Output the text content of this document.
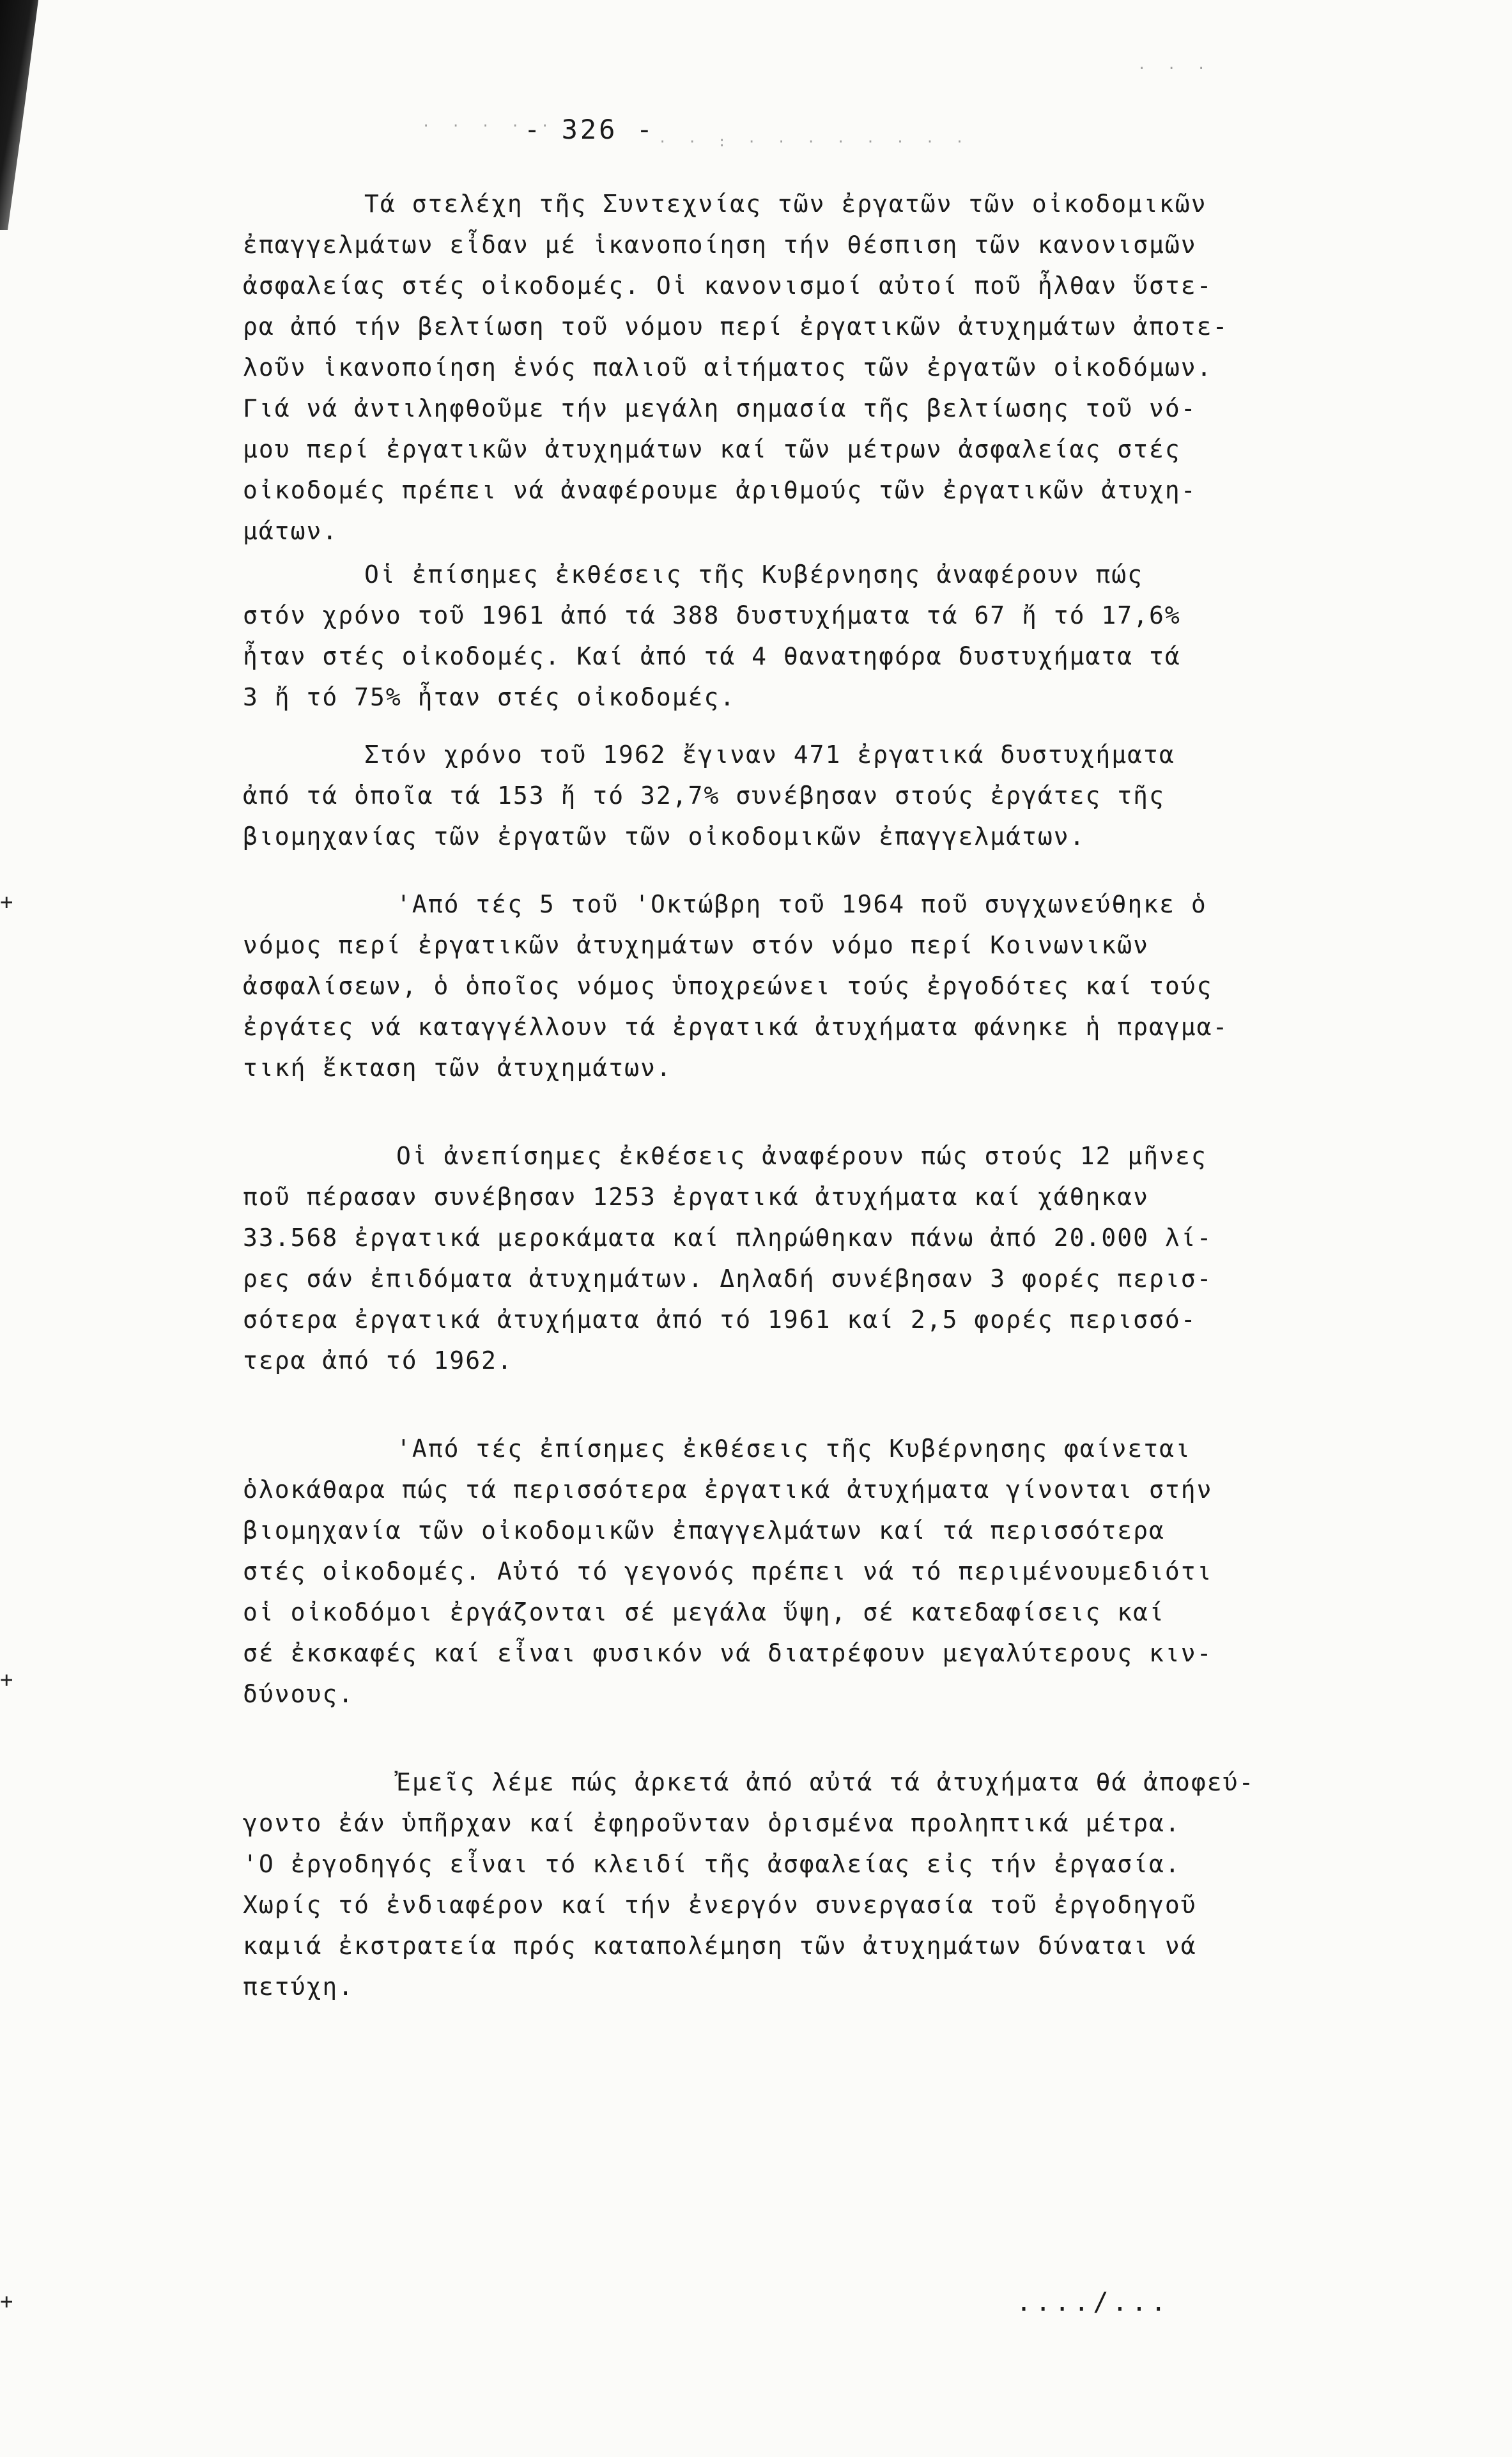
+
+
+
· · · · ·
· · : · · · · · · · ·
· · ·
- 326 -
Τά στελέχη τῆς Συντεχνίας τῶν ἐργατῶν τῶν οἰκοδομικῶν
ἐπαγγελμάτων εἶδαν μέ ἱκανοποίηση τήν θέσπιση τῶν κανονισμῶν
ἀσφαλείας στές οἰκοδομές. Οἱ κανονισμοί αὐτοί ποῦ ἦλθαν ὕστε-
ρα ἀπό τήν βελτίωση τοῦ νόμου περί ἐργατικῶν ἀτυχημάτων ἀποτε-
λοῦν ἱκανοποίηση ἑνός παλιοῦ αἰτήματος τῶν ἐργατῶν οἰκοδόμων.
Γιά νά ἀντιληφθοῦμε τήν μεγάλη σημασία τῆς βελτίωσης τοῦ νό-
μου περί ἐργατικῶν ἀτυχημάτων καί τῶν μέτρων ἀσφαλείας στές
οἰκοδομές πρέπει νά ἀναφέρουμε ἀριθμούς τῶν ἐργατικῶν ἀτυχη-
μάτων.
Οἱ ἐπίσημες ἐκθέσεις τῆς Κυβέρνησης ἀναφέρουν πώς
στόν χρόνο τοῦ 1961 ἀπό τά 388 δυστυχήματα τά 67 ἤ τό 17,6%
ἦταν στές οἰκοδομές. Καί ἀπό τά 4 θανατηφόρα δυστυχήματα τά
3 ἤ τό 75% ἦταν στές οἰκοδομές.
Στόν χρόνο τοῦ 1962 ἔγιναν 471 ἐργατικά δυστυχήματα
ἀπό τά ὁποῖα τά 153 ἤ τό 32,7% συνέβησαν στούς ἐργάτες τῆς
βιομηχανίας τῶν ἐργατῶν τῶν οἰκοδομικῶν ἐπαγγελμάτων.
'Από τές 5 τοῦ 'Οκτώβρη τοῦ 1964 ποῦ συγχωνεύθηκε ὁ
νόμος περί ἐργατικῶν ἀτυχημάτων στόν νόμο περί Κοινωνικῶν
ἀσφαλίσεων, ὁ ὁποῖος νόμος ὑποχρεώνει τούς ἐργοδότες καί τούς
ἐργάτες νά καταγγέλλουν τά ἐργατικά ἀτυχήματα φάνηκε ἡ πραγμα-
τική ἔκταση τῶν ἀτυχημάτων.
Οἱ ἀνεπίσημες ἐκθέσεις ἀναφέρουν πώς στούς 12 μῆνες
ποῦ πέρασαν συνέβησαν 1253 ἐργατικά ἀτυχήματα καί χάθηκαν
33.568 ἐργατικά μεροκάματα καί πληρώθηκαν πάνω ἀπό 20.000 λί-
ρες σάν ἐπιδόματα ἀτυχημάτων. Δηλαδή συνέβησαν 3 φορές περισ-
σότερα ἐργατικά ἀτυχήματα ἀπό τό 1961 καί 2,5 φορές περισσό-
τερα ἀπό τό 1962.
'Από τές ἐπίσημες ἐκθέσεις τῆς Κυβέρνησης φαίνεται
ὁλοκάθαρα πώς τά περισσότερα ἐργατικά ἀτυχήματα γίνονται στήν
βιομηχανία τῶν οἰκοδομικῶν ἐπαγγελμάτων καί τά περισσότερα
στές οἰκοδομές. Αὐτό τό γεγονός πρέπει νά τό περιμένουμεδιότι
οἱ οἰκοδόμοι ἐργάζονται σέ μεγάλα ὕψη, σέ κατεδαφίσεις καί
σέ ἐκσκαφές καί εἶναι φυσικόν νά διατρέφουν μεγαλύτερους κιν-
δύνους.
Ἐμεῖς λέμε πώς ἀρκετά ἀπό αὐτά τά ἀτυχήματα θά ἀποφεύ-
γοντο ἐάν ὑπῆρχαν καί ἐφηροῦνταν ὁρισμένα προληπτικά μέτρα.
'Ο ἐργοδηγός εἶναι τό κλειδί τῆς ἀσφαλείας εἰς τήν ἐργασία.
Χωρίς τό ἐνδιαφέρον καί τήν ἐνεργόν συνεργασία τοῦ ἐργοδηγοῦ
καμιά ἐκστρατεία πρός καταπολέμηση τῶν ἀτυχημάτων δύναται νά
πετύχη.
..../...
